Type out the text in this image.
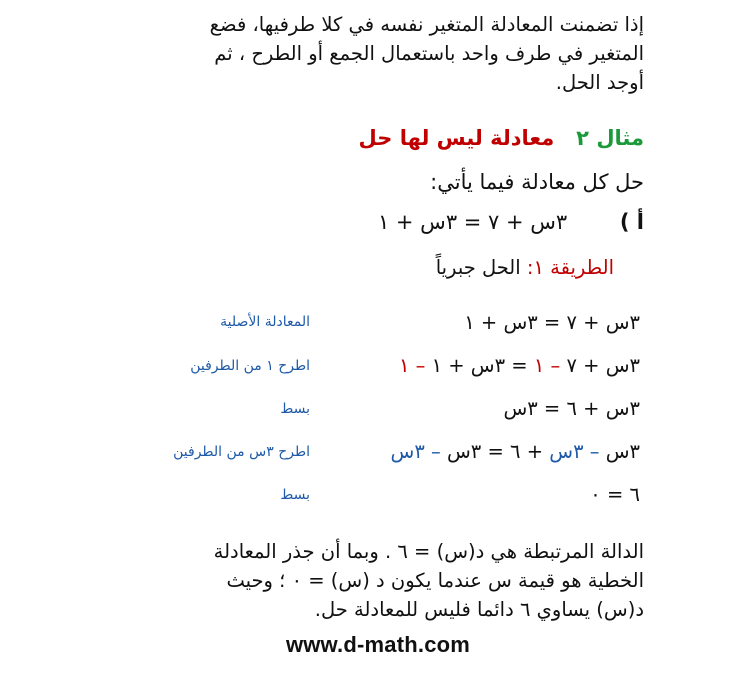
إذا تضمنت المعادلة المتغير نفسه في كلا طرفيها، فضع
المتغير في طرف واحد باستعمال الجمع أو الطرح ، ثم
أوجد الحل.
مثال ٢   معادلة ليس لها حل
حل كل معادلة فيما يأتي:
أ ) ٣س + ٧ = ٣س + ١
الطريقة ١: الحل جبرياً
٣س + ٧ = ٣س + ١
المعادلة الأصلية
٣س + ٧ – ١ = ٣س + ١ – ١
اطرح ١ من الطرفين
٣س + ٦ = ٣س
بسط
٣س – ٣س + ٦ = ٣س – ٣س
اطرح ٣س من الطرفين
٦ = ٠
بسط
الدالة المرتبطة هي د(س) = ٦ . وبما أن جذر المعادلة
الخطية هو قيمة س عندما يكون د (س) = ٠ ؛ وحيث
د(س) يساوي ٦ دائما فليس للمعادلة حل.
www.d-math.com
